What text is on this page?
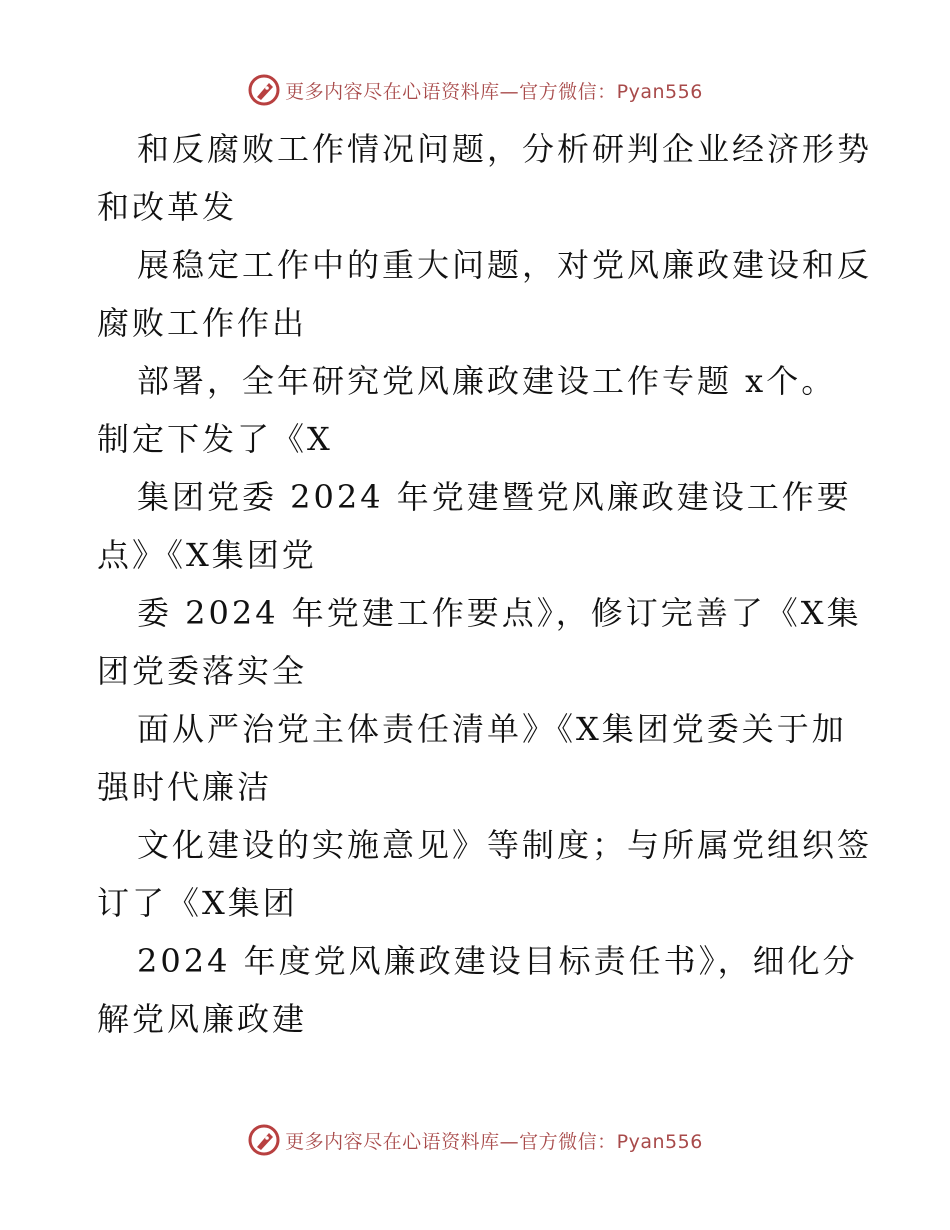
更多内容尽在心语资料库—官方微信：Pyan556

和反腐败工作情况问题，分析研判企业经济形势

和改革发

展稳定工作中的重大问题，对党风廉政建设和反

腐败工作作出

部署，全年研究党风廉政建设工作专题 x个。

制定下发了《X

集团党委 2024 年党建暨党风廉政建设工作要

点》《X集团党

委 2024 年党建工作要点》，修订完善了《X集

团党委落实全

面从严治党主体责任清单》《X集团党委关于加

强时代廉洁

文化建设的实施意见》等制度；与所属党组织签

订了《X集团

2024 年度党风廉政建设目标责任书》，细化分

解党风廉政建

更多内容尽在心语资料库—官方微信：Pyan556
